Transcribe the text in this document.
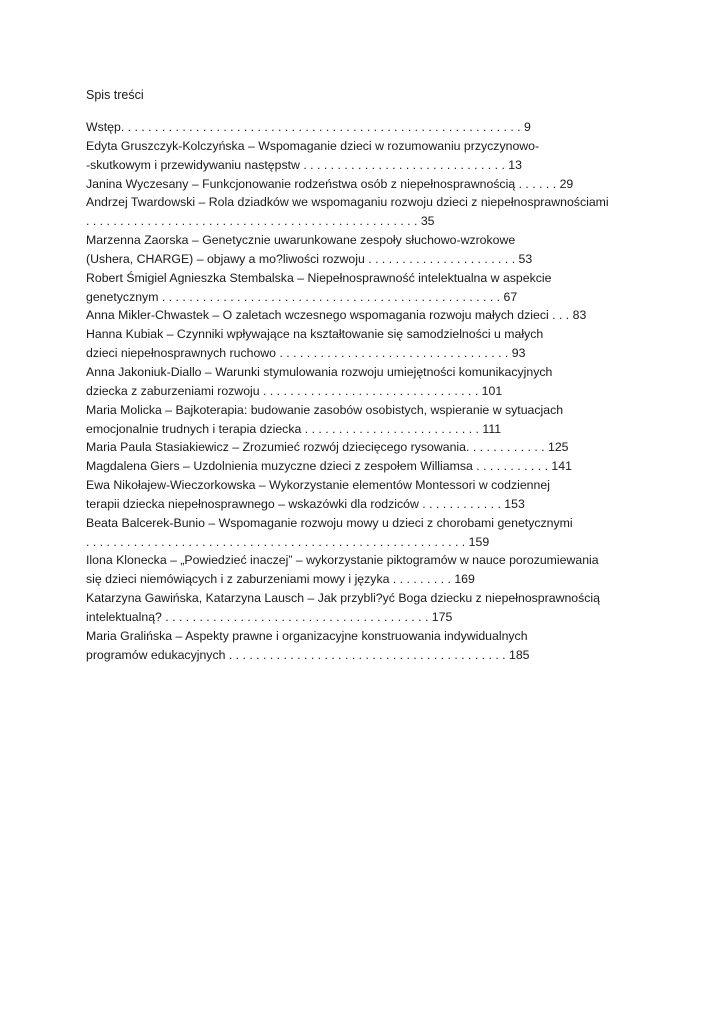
Spis treści
Wstęp. . . . . . . . . . . . . . . . . . . . . . . . . . . . . . . . . . . . . . . . . . . . . . . . . . . . . . . . . . . 9
Edyta Gruszczyk-Kolczyńska – Wspomaganie dzieci w rozumowaniu przyczynowo-
-skutkowym i przewidywaniu następstw . . . . . . . . . . . . . . . . . . . . . . . . . . . . . . 13
Janina Wyczesany – Funkcjonowanie rodzeństwa osób z niepełnosprawnością . . . . . . 29
Andrzej Twardowski – Rola dziadków we wspomaganiu rozwoju dzieci z niepełnosprawnościami
. . . . . . . . . . . . . . . . . . . . . . . . . . . . . . . . . . . . . . . . . . . . . . . . . 35
Marzenna Zaorska – Genetycznie uwarunkowane zespoły słuchowo-wzrokowe
(Ushera, CHARGE) – objawy a mo?liwości rozwoju . . . . . . . . . . . . . . . . . . . . . . 53
Robert Śmigiel Agnieszka Stembalska – Niepełnosprawność intelektualna w aspekcie
genetycznym . . . . . . . . . . . . . . . . . . . . . . . . . . . . . . . . . . . . . . . . . . . . . . . . . . 67
Anna Mikler-Chwastek – O zaletach wczesnego wspomagania rozwoju małych dzieci . . . 83
Hanna Kubiak – Czynniki wpływające na kształtowanie się samodzielności u małych
dzieci niepełnosprawnych ruchowo . . . . . . . . . . . . . . . . . . . . . . . . . . . . . . . . . . 93
Anna Jakoniuk-Diallo – Warunki stymulowania rozwoju umiejętności komunikacyjnych
dziecka z zaburzeniami rozwoju . . . . . . . . . . . . . . . . . . . . . . . . . . . . . . . . 101
Maria Molicka – Bajkoterapia: budowanie zasobów osobistych, wspieranie w sytuacjach
emocjonalnie trudnych i terapia dziecka . . . . . . . . . . . . . . . . . . . . . . . . . . 111
Maria Paula Stasiakiewicz – Zrozumieć rozwój dziecięcego rysowania. . . . . . . . . . . . 125
Magdalena Giers – Uzdolnienia muzyczne dzieci z zespołem Williamsa . . . . . . . . . . . 141
Ewa Nikołajew-Wieczorkowska – Wykorzystanie elementów Montessori w codziennej
terapii dziecka niepełnosprawnego – wskazówki dla rodziców . . . . . . . . . . . . 153
Beata Balcerek-Bunio – Wspomaganie rozwoju mowy u dzieci z chorobami genetycznymi
. . . . . . . . . . . . . . . . . . . . . . . . . . . . . . . . . . . . . . . . . . . . . . . . . . . . . . . . 159
Ilona Klonecka – „Powiedzieć inaczej” – wykorzystanie piktogramów w nauce porozumiewania
się dzieci niemówiących i z zaburzeniami mowy i języka . . . . . . . . . 169
Katarzyna Gawińska, Katarzyna Lausch – Jak przybli?yć Boga dziecku z niepełnosprawnością
intelektualną? . . . . . . . . . . . . . . . . . . . . . . . . . . . . . . . . . . . . . . . 175
Maria Gralińska – Aspekty prawne i organizacyjne konstruowania indywidualnych
programów edukacyjnych . . . . . . . . . . . . . . . . . . . . . . . . . . . . . . . . . . . . . . . . . 185
